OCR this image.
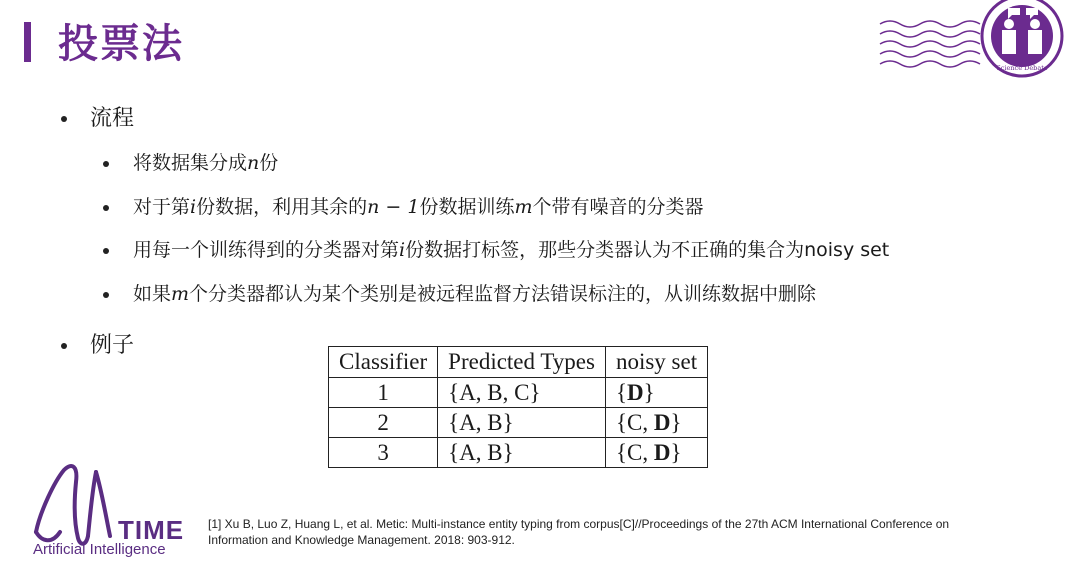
投票法
Science Debate
流程
将数据集分成n份
对于第i份数据，利用其余的n − 1份数据训练m个带有噪音的分类器
用每一个训练得到的分类器对第i份数据打标签，那些分类器认为不正确的集合为noisy set
如果m个分类器都认为某个类别是被远程监督方法错误标注的，从训练数据中删除
例子
Classifier	Predicted Types	noisy set
1	{A, B, C}	{D}
2	{A, B}	{C, D}
3	{A, B}	{C, D}
TIME
Artificial Intelligence
[1] Xu B, Luo Z, Huang L, et al. Metic: Multi-instance entity typing from corpus[C]//Proceedings of the 27th ACM International Conference on
Information and Knowledge Management. 2018: 903-912.
